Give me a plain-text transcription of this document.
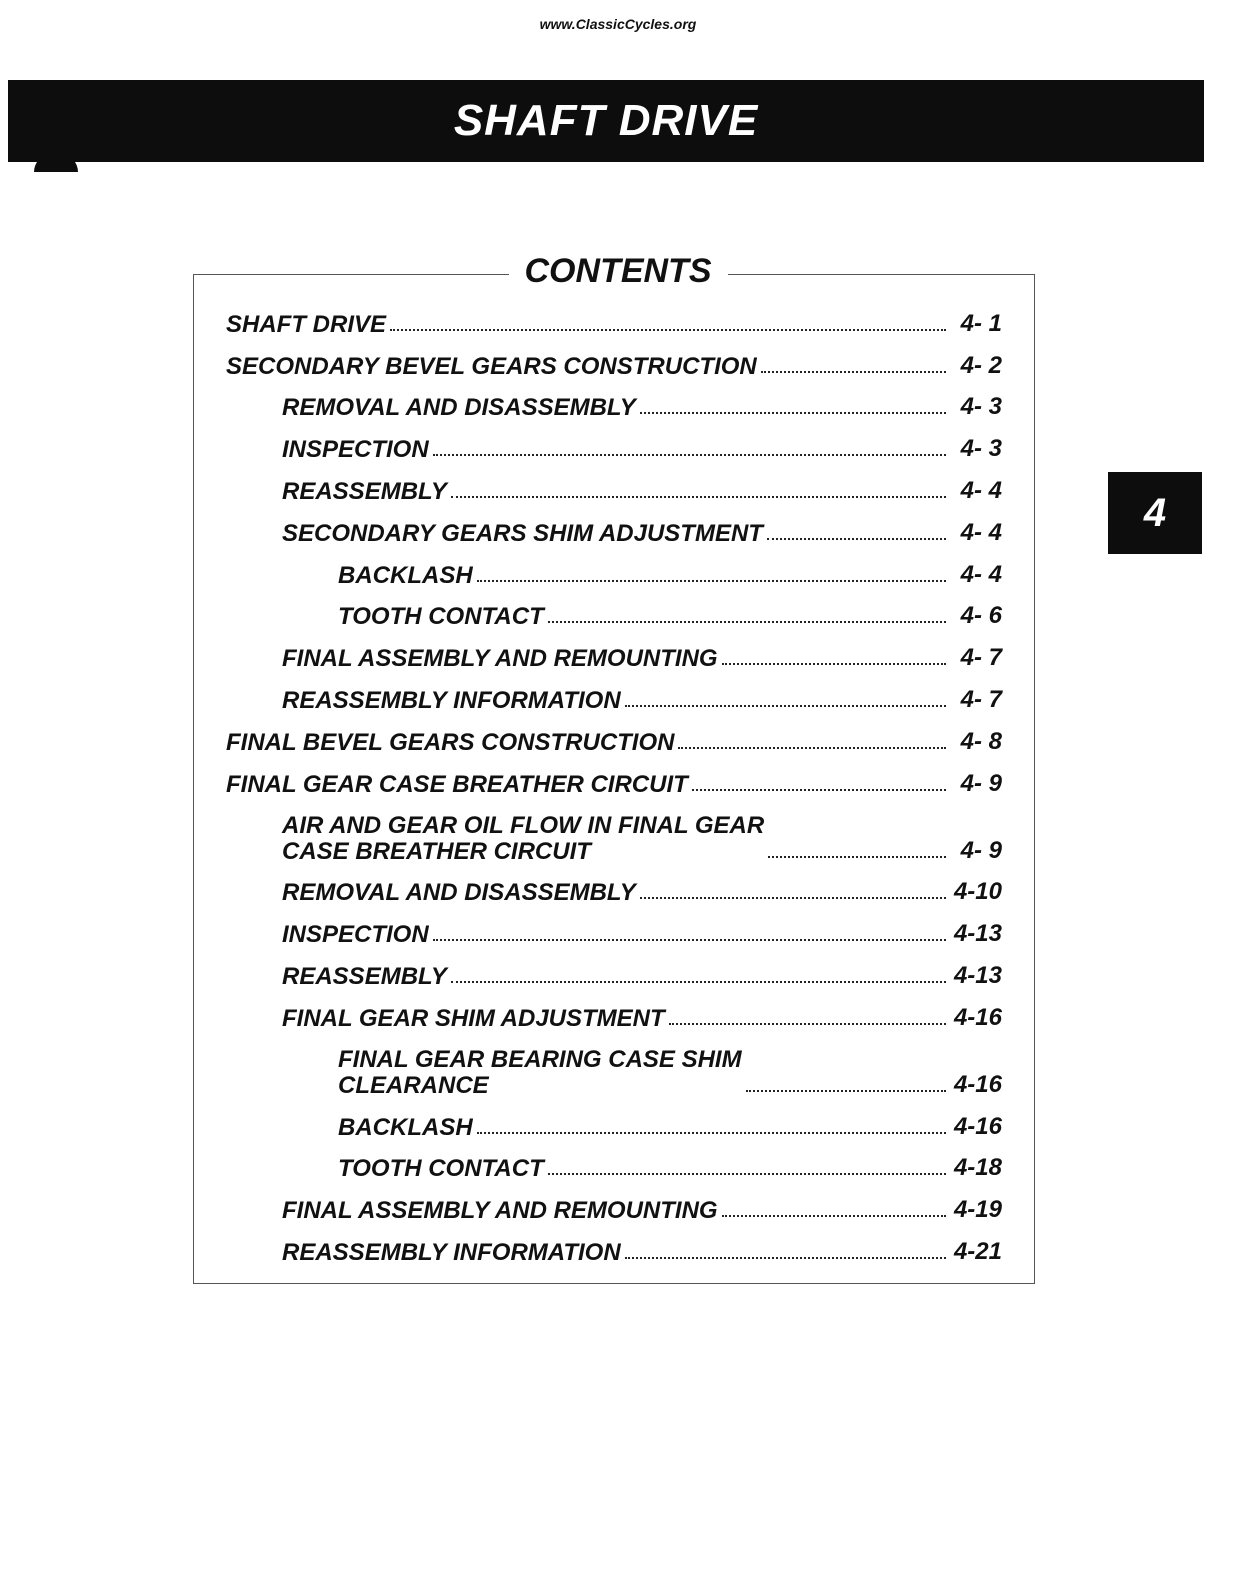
www.ClassicCycles.org
SHAFT DRIVE
4
CONTENTS
SHAFT DRIVE	4- 1
SECONDARY BEVEL GEARS CONSTRUCTION	4- 2
REMOVAL AND DISASSEMBLY	4- 3
INSPECTION	4- 3
REASSEMBLY	4- 4
SECONDARY GEARS SHIM ADJUSTMENT	4- 4
BACKLASH	4- 4
TOOTH CONTACT	4- 6
FINAL ASSEMBLY AND REMOUNTING	4- 7
REASSEMBLY INFORMATION	4- 7
FINAL BEVEL GEARS CONSTRUCTION	4- 8
FINAL GEAR CASE BREATHER CIRCUIT	4- 9
AIR AND GEAR OIL FLOW IN FINAL GEAR
CASE BREATHER CIRCUIT	4- 9
REMOVAL AND DISASSEMBLY	4-10
INSPECTION	4-13
REASSEMBLY	4-13
FINAL GEAR SHIM ADJUSTMENT	4-16
FINAL GEAR BEARING CASE SHIM
CLEARANCE	4-16
BACKLASH	4-16
TOOTH CONTACT	4-18
FINAL ASSEMBLY AND REMOUNTING	4-19
REASSEMBLY INFORMATION	4-21
